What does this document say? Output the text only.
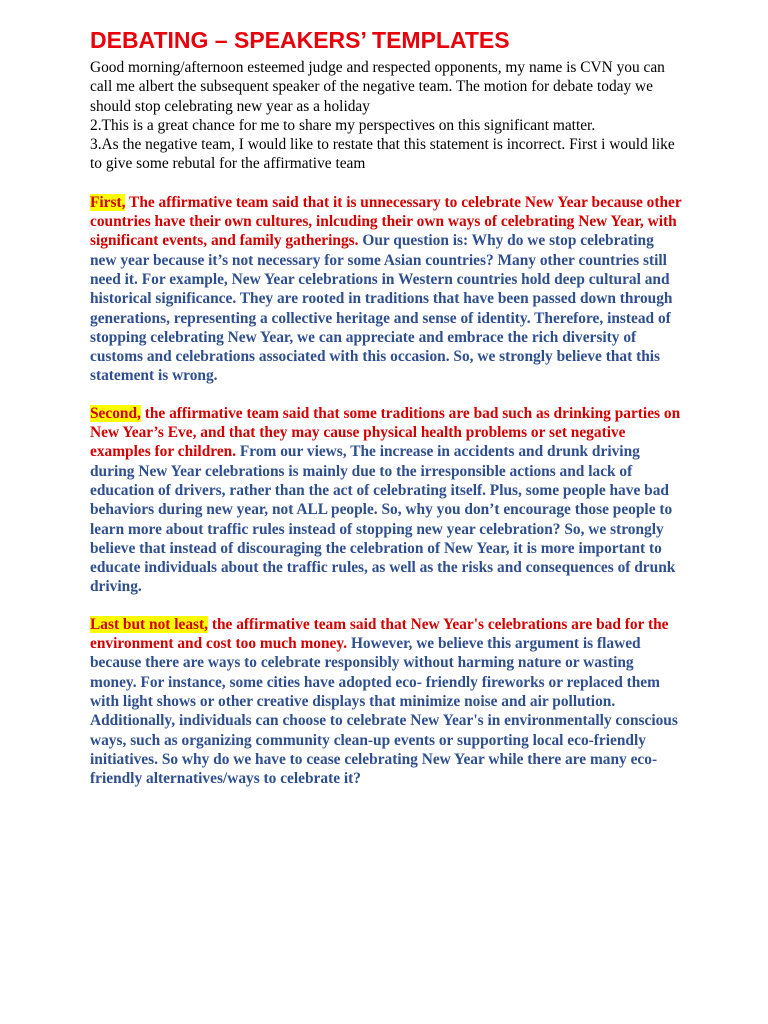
DEBATING – SPEAKERS’ TEMPLATES
Good morning/afternoon esteemed judge and respected opponents, my name is CVN you can call me albert the subsequent speaker of the negative team. The motion for debate today we should stop celebrating new year as a holiday
2.This is a great chance for me to share my perspectives on this significant matter.
3.As the negative team, I would like to restate that this statement is incorrect. First i would like to give some rebutal for the affirmative team

First, The affirmative team said that it is unnecessary to celebrate New Year because other countries have their own cultures, inlcuding their own ways of celebrating New Year, with significant events, and family gatherings. Our question is: Why do we stop celebrating new year because it’s not necessary for some Asian countries? Many other countries still need it. For example, New Year celebrations in Western countries hold deep cultural and historical significance. They are rooted in traditions that have been passed down through generations, representing a collective heritage and sense of identity. Therefore, instead of stopping celebrating New Year, we can appreciate and embrace the rich diversity of customs and celebrations associated with this occasion. So, we strongly believe that this statement is wrong.

Second, the affirmative team said that some traditions are bad such as drinking parties on New Year’s Eve, and that they may cause physical health problems or set negative examples for children. From our views, The increase in accidents and drunk driving during New Year celebrations is mainly due to the irresponsible actions and lack of education of drivers, rather than the act of celebrating itself. Plus, some people have bad behaviors during new year, not ALL people. So, why you don’t encourage those people to learn more about traffic rules instead of stopping new year celebration? So, we strongly believe that instead of discouraging the celebration of New Year, it is more important to educate individuals about the traffic rules, as well as the risks and consequences of drunk driving.

Last but not least, the affirmative team said that New Year's celebrations are bad for the environment and cost too much money. However, we believe this argument is flawed because there are ways to celebrate responsibly without harming nature or wasting money. For instance, some cities have adopted eco- friendly fireworks or replaced them with light shows or other creative displays that minimize noise and air pollution. Additionally, individuals can choose to celebrate New Year's in environmentally conscious ways, such as organizing community clean-up events or supporting local eco-friendly initiatives. So why do we have to cease celebrating New Year while there are many eco-friendly alternatives/ways to celebrate it?
